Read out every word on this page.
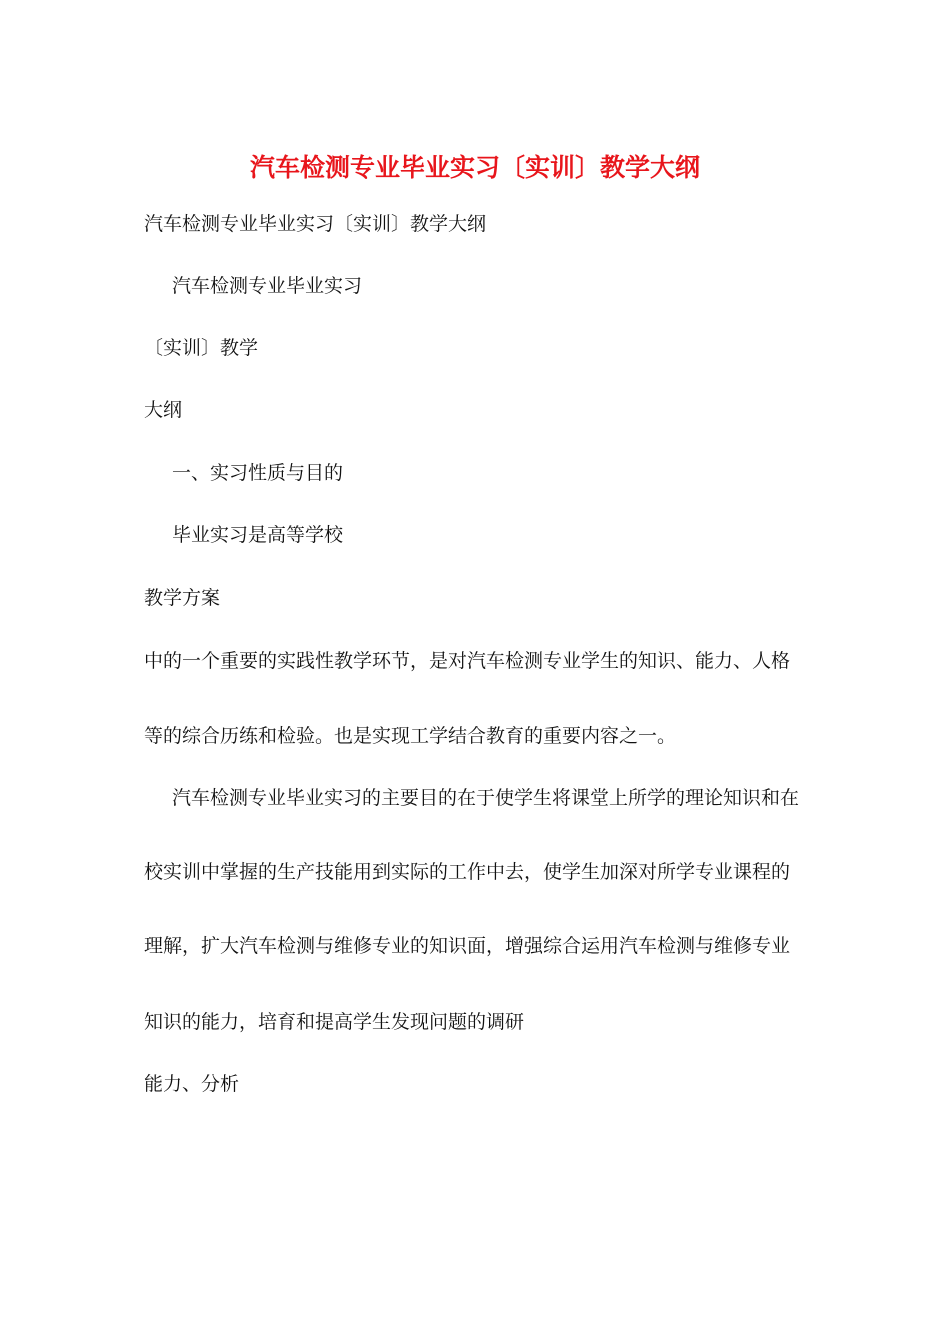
汽车检测专业毕业实习〔实训〕教学大纲

汽车检测专业毕业实习〔实训〕教学大纲

汽车检测专业毕业实习

〔实训〕教学

大纲

一、实习性质与目的

毕业实习是高等学校

教学方案

中的一个重要的实践性教学环节，是对汽车检测专业学生的知识、能力、人格

等的综合历练和检验。也是实现工学结合教育的重要内容之一。

汽车检测专业毕业实习的主要目的在于使学生将课堂上所学的理论知识和在

校实训中掌握的生产技能用到实际的工作中去，使学生加深对所学专业课程的

理解，扩大汽车检测与维修专业的知识面，增强综合运用汽车检测与维修专业

知识的能力，培育和提高学生发现问题的调研

能力、分析
